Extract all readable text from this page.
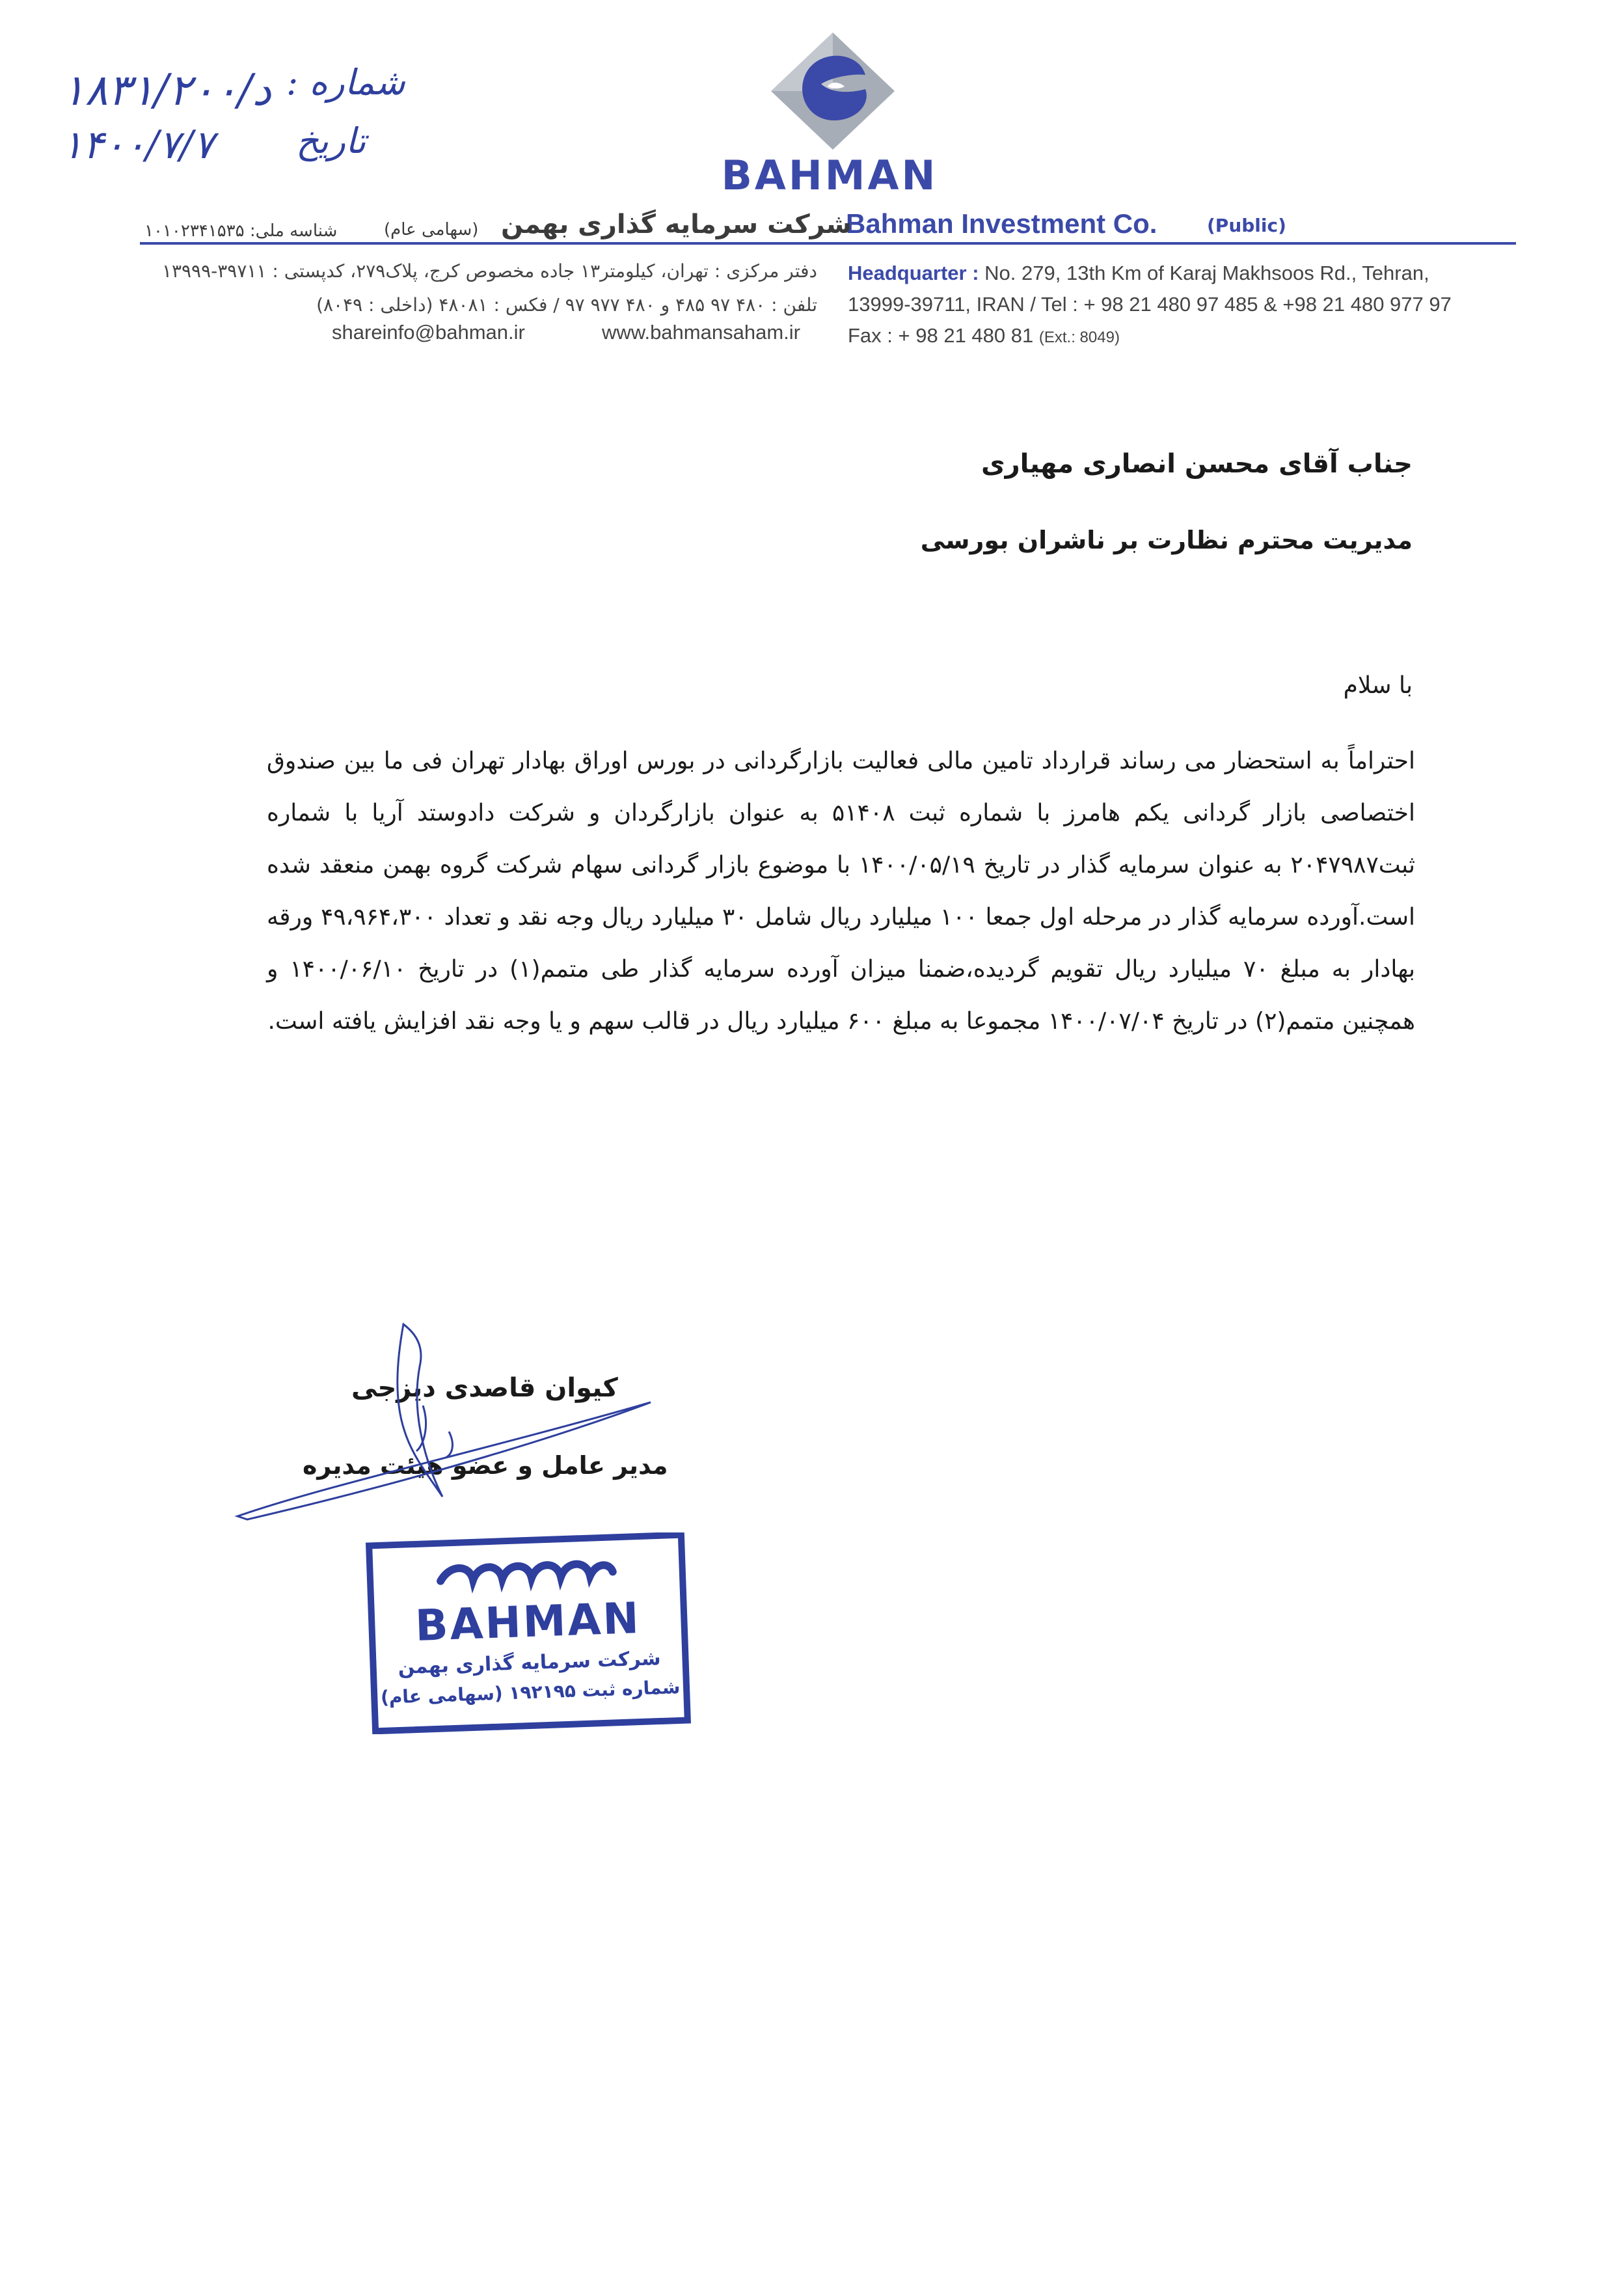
۱۸۳۱/۲۰۰/د
۱۴۰۰/۷/۷
شماره :
تاریخ
BAHMAN
Bahman Investment Co.	(Public)
شرکت سرمایه گذاری بهمن
(سهامی عام)
شناسه ملی: ۱۰۱۰۲۳۴۱۵۳۵
Headquarter : No. 279, 13th Km of Karaj Makhsoos Rd., Tehran,
13999-39711, IRAN / Tel : + 98 21 480 97 485 & +98 21 480 977 97
Fax : + 98 21 480 81 (Ext.: 8049)
دفتر مرکزی : تهران، کیلومتر۱۳ جاده مخصوص کرج، پلاک۲۷۹، کدپستی : ۳۹۷۱۱-۱۳۹۹۹
تلفن : ۴۸۰ ۹۷ ۴۸۵ و ۴۸۰ ۹۷۷ ۹۷ / فکس : ۴۸۰۸۱ (داخلی : ۸۰۴۹)
shareinfo@bahman.ir	www.bahmansaham.ir
جناب آقای محسن انصاری مهیاری
مدیریت محترم نظارت بر ناشران بورسی
با سلام
احتراماً به استحضار می رساند قرارداد تامین مالی فعالیت بازارگردانی در بورس اوراق بهادار تهران فی ما بین صندوق اختصاصی بازار گردانی یکم هامرز با شماره ثبت ۵۱۴۰۸ به عنوان بازارگردان و شرکت دادوستد آریا با شماره ثبت۲۰۴۷۹۸۷ به عنوان سرمایه گذار در تاریخ ۱۴۰۰/۰۵/۱۹ با موضوع بازار گردانی سهام شرکت گروه بهمن منعقد شده است.آورده سرمایه گذار در مرحله اول جمعا ۱۰۰ میلیارد ریال شامل ۳۰ میلیارد ریال وجه نقد و تعداد ۴۹،۹۶۴،۳۰۰ ورقه بهادار به مبلغ ۷۰ میلیارد ریال تقویم گردیده،ضمنا میزان آورده سرمایه گذار طی متمم(۱) در تاریخ ۱۴۰۰/۰۶/۱۰ و همچنین متمم(۲) در تاریخ ۱۴۰۰/۰۷/۰۴ مجموعا به مبلغ ۶۰۰ میلیارد ریال در قالب سهم و یا وجه نقد افزایش یافته است.
کیوان قاصدی دیزجی
مدیر عامل و عضو هیئت مدیره
BAHMAN
شرکت سرمایه گذاری بهمن
شماره ثبت ۱۹۲۱۹۵ (سهامی عام)
